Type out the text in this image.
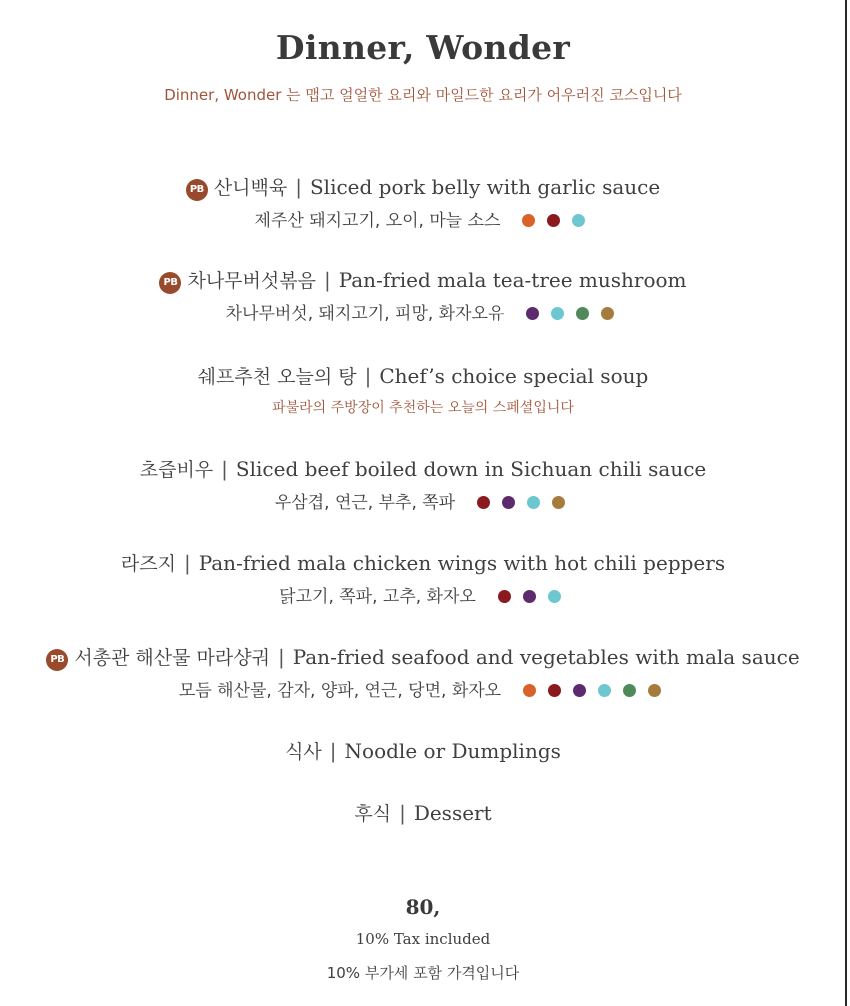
Dinner, Wonder
Dinner, Wonder 는 맵고 얼얼한 요리와 마일드한 요리가 어우러진 코스입니다
PB 산니백육 | Sliced pork belly with garlic sauce
제주산 돼지고기, 오이, 마늘 소스
PB 차나무버섯볶음 | Pan-fried mala tea-tree mushroom
차나무버섯, 돼지고기, 피망, 화자오유
쉐프추천 오늘의 탕 | Chef’s choice special soup
파불라의 주방장이 추천하는 오늘의 스페셜입니다
초즙비우 | Sliced beef boiled down in Sichuan chili sauce
우삼겹, 연근, 부추, 쪽파
라즈지 | Pan-fried mala chicken wings with hot chili peppers
닭고기, 쪽파, 고추, 화자오
PB 서총관 해산물 마라샹궈 | Pan-fried seafood and vegetables with mala sauce
모듬 해산물, 감자, 양파, 연근, 당면, 화자오
식사 | Noodle or Dumplings
후식 | Dessert
80,
10% Tax included
10% 부가세 포함 가격입니다
